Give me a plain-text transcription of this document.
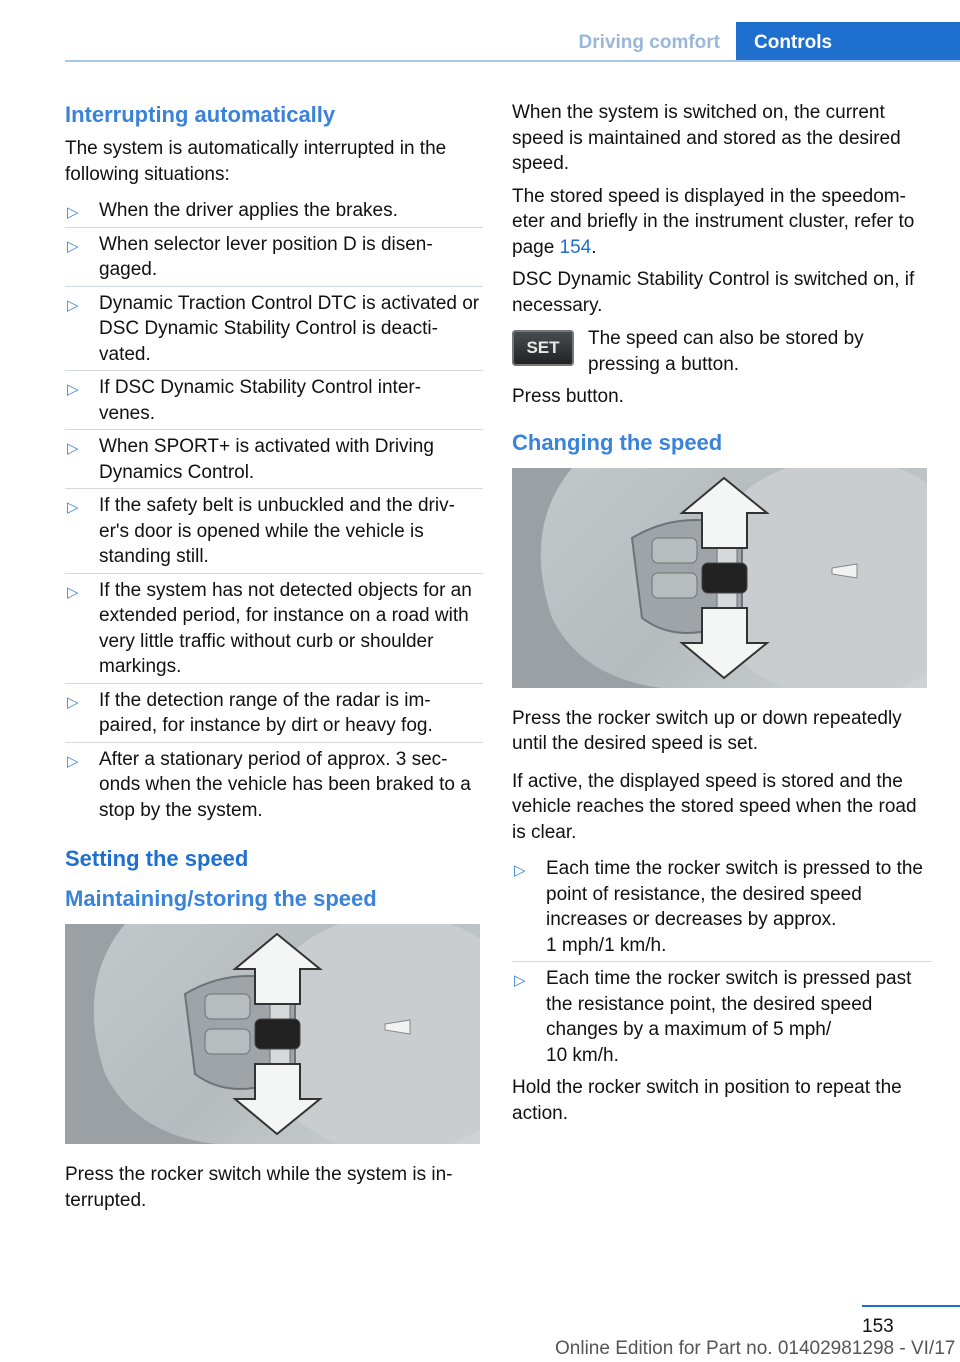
Driving comfort	Controls
Interrupting automatically

The system is automatically interrupted in the following situations:

▷ When the driver applies the brakes.
▷ When selector lever position D is disen-
gaged.
▷ Dynamic Traction Control DTC is activated or DSC Dynamic Stability Control is deacti-
vated.
▷ If DSC Dynamic Stability Control inter-
venes.
▷ When SPORT+ is activated with Driving Dynamics Control.
▷ If the safety belt is unbuckled and the driv-
er's door is opened while the vehicle is standing still.
▷ If the system has not detected objects for an extended period, for instance on a road with very little traffic without curb or shoulder markings.
▷ If the detection range of the radar is im-
paired, for instance by dirt or heavy fog.
▷ After a stationary period of approx. 3 sec-
onds when the vehicle has been braked to a stop by the system.
Setting the speed
Maintaining/storing the speed

Press the rocker switch while the system is in-
terrupted.

When the system is switched on, the current speed is maintained and stored as the desired speed.

The stored speed is displayed in the speedom-
eter and briefly in the instrument cluster, refer to page 154.

DSC Dynamic Stability Control is switched on, if necessary.

SET	The speed can also be stored by pressing a button.

Press button.

Changing the speed

Press the rocker switch up or down repeatedly until the desired speed is set.

If active, the displayed speed is stored and the vehicle reaches the stored speed when the road is clear.

▷ Each time the rocker switch is pressed to the point of resistance, the desired speed increases or decreases by approx.
1 mph/1 km/h.
▷ Each time the rocker switch is pressed past the resistance point, the desired speed changes by a maximum of 5 mph/
10 km/h.

Hold the rocker switch in position to repeat the action.

153
Online Edition for Part no. 01402981298 - VI/17
